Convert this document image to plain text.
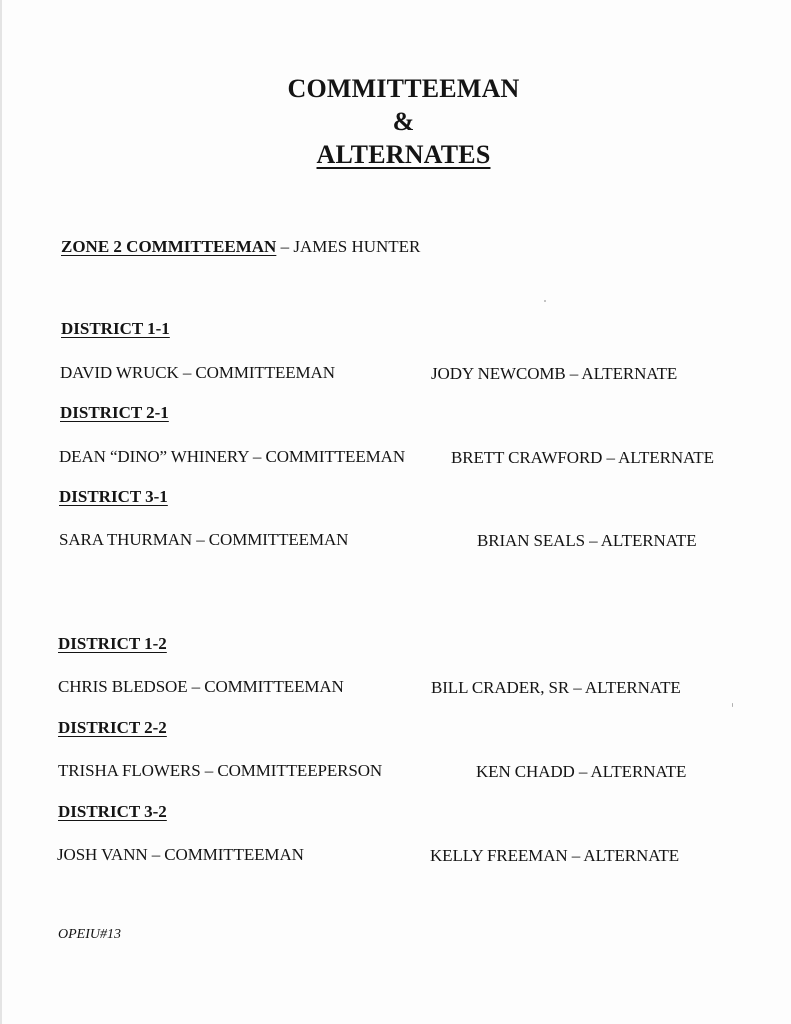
COMMITTEEMAN
&
ALTERNATES
ZONE 2 COMMITTEEMAN – JAMES HUNTER
DISTRICT 1-1
DAVID WRUCK – COMMITTEEMAN	JODY NEWCOMB – ALTERNATE
DISTRICT 2-1
DEAN “DINO” WHINERY – COMMITTEEMAN	BRETT CRAWFORD – ALTERNATE
DISTRICT 3-1
SARA THURMAN – COMMITTEEMAN	BRIAN SEALS – ALTERNATE
DISTRICT 1-2
CHRIS BLEDSOE – COMMITTEEMAN	BILL CRADER, SR – ALTERNATE
DISTRICT 2-2
TRISHA FLOWERS – COMMITTEEPERSON	KEN CHADD – ALTERNATE
DISTRICT 3-2
JOSH VANN – COMMITTEEMAN	KELLY FREEMAN – ALTERNATE
OPEIU#13
